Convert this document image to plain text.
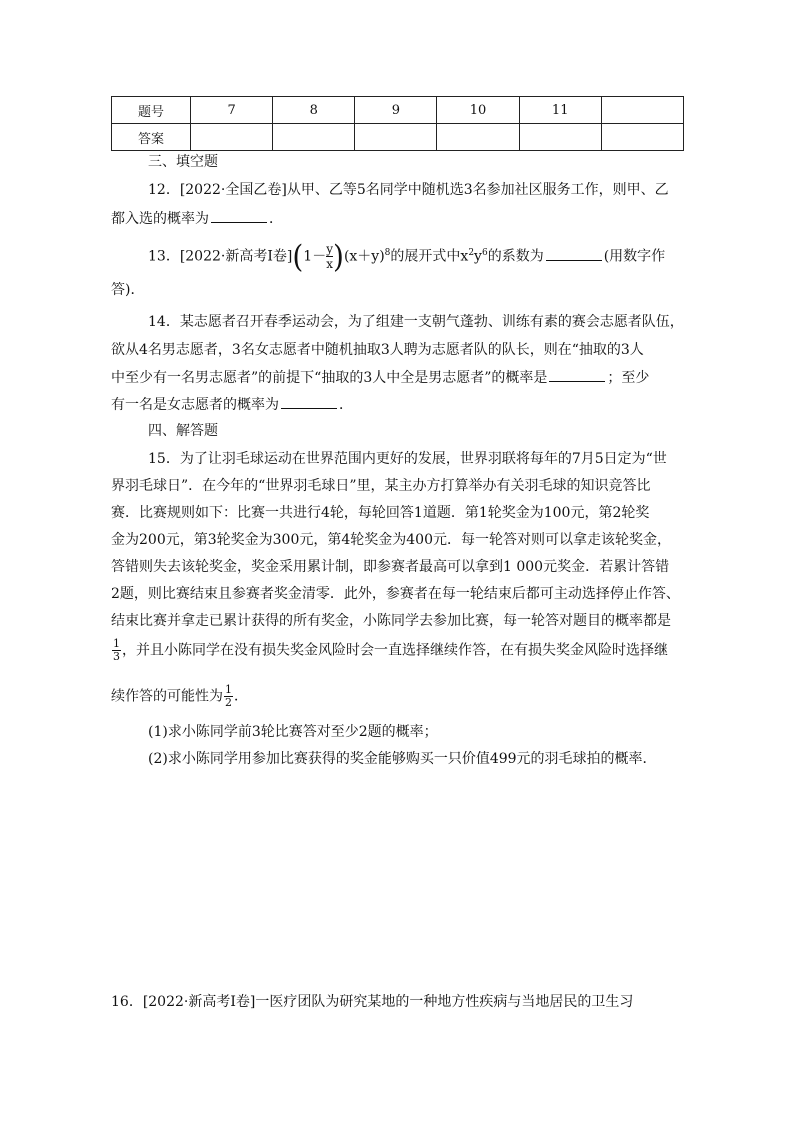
题号	7	8	9	10	11	
答案						
三、填空题
12．[2022·全国乙卷]从甲、乙等5名同学中随机选3名参加社区服务工作，则甲、乙
都入选的概率为	．
13．[2022·新高考Ⅰ卷]$(1- \frac{y}{x} )(x+y)^8$的展开式中$x^2y^6$的系数为	(用数字作
答)．
14．某志愿者召开春季运动会，为了组建一支朝气蓬勃、训练有素的赛会志愿者队伍，
欲从4名男志愿者，3名女志愿者中随机抽取3人聘为志愿者队的队长，则在“抽取的3人
中至少有一名男志愿者”的前提下“抽取的3人中全是男志愿者”的概率是	；至少
有一名是女志愿者的概率为	．
四、解答题
15．为了让羽毛球运动在世界范围内更好的发展，世界羽联将每年的7月5日定为“世
界羽毛球日”．在今年的“世界羽毛球日”里，某主办方打算举办有关羽毛球的知识竞答比
赛．比赛规则如下：比赛一共进行4轮，每轮回答1道题．第1轮奖金为100元，第2轮奖
金为200元，第3轮奖金为300元，第4轮奖金为400元．每一轮答对则可以拿走该轮奖金，
答错则失去该轮奖金，奖金采用累计制，即参赛者最高可以拿到1 000元奖金．若累计答错
2题，则比赛结束且参赛者奖金清零．此外，参赛者在每一轮结束后都可主动选择停止作答、
结束比赛并拿走已累计获得的所有奖金，小陈同学去参加比赛，每一轮答对题目的概率都是
$\frac{1}{3}$ ，并且小陈同学在没有损失奖金风险时会一直选择继续作答，在有损失奖金风险时选择继
续作答的可能性为 $\frac{1}{2}$ ．
(1)求小陈同学前3轮比赛答对至少2题的概率；
(2)求小陈同学用参加比赛获得的奖金能够购买一只价值499元的羽毛球拍的概率．
16．[2022·新高考Ⅰ卷]一医疗团队为研究某地的一种地方性疾病与当地居民的卫生习
